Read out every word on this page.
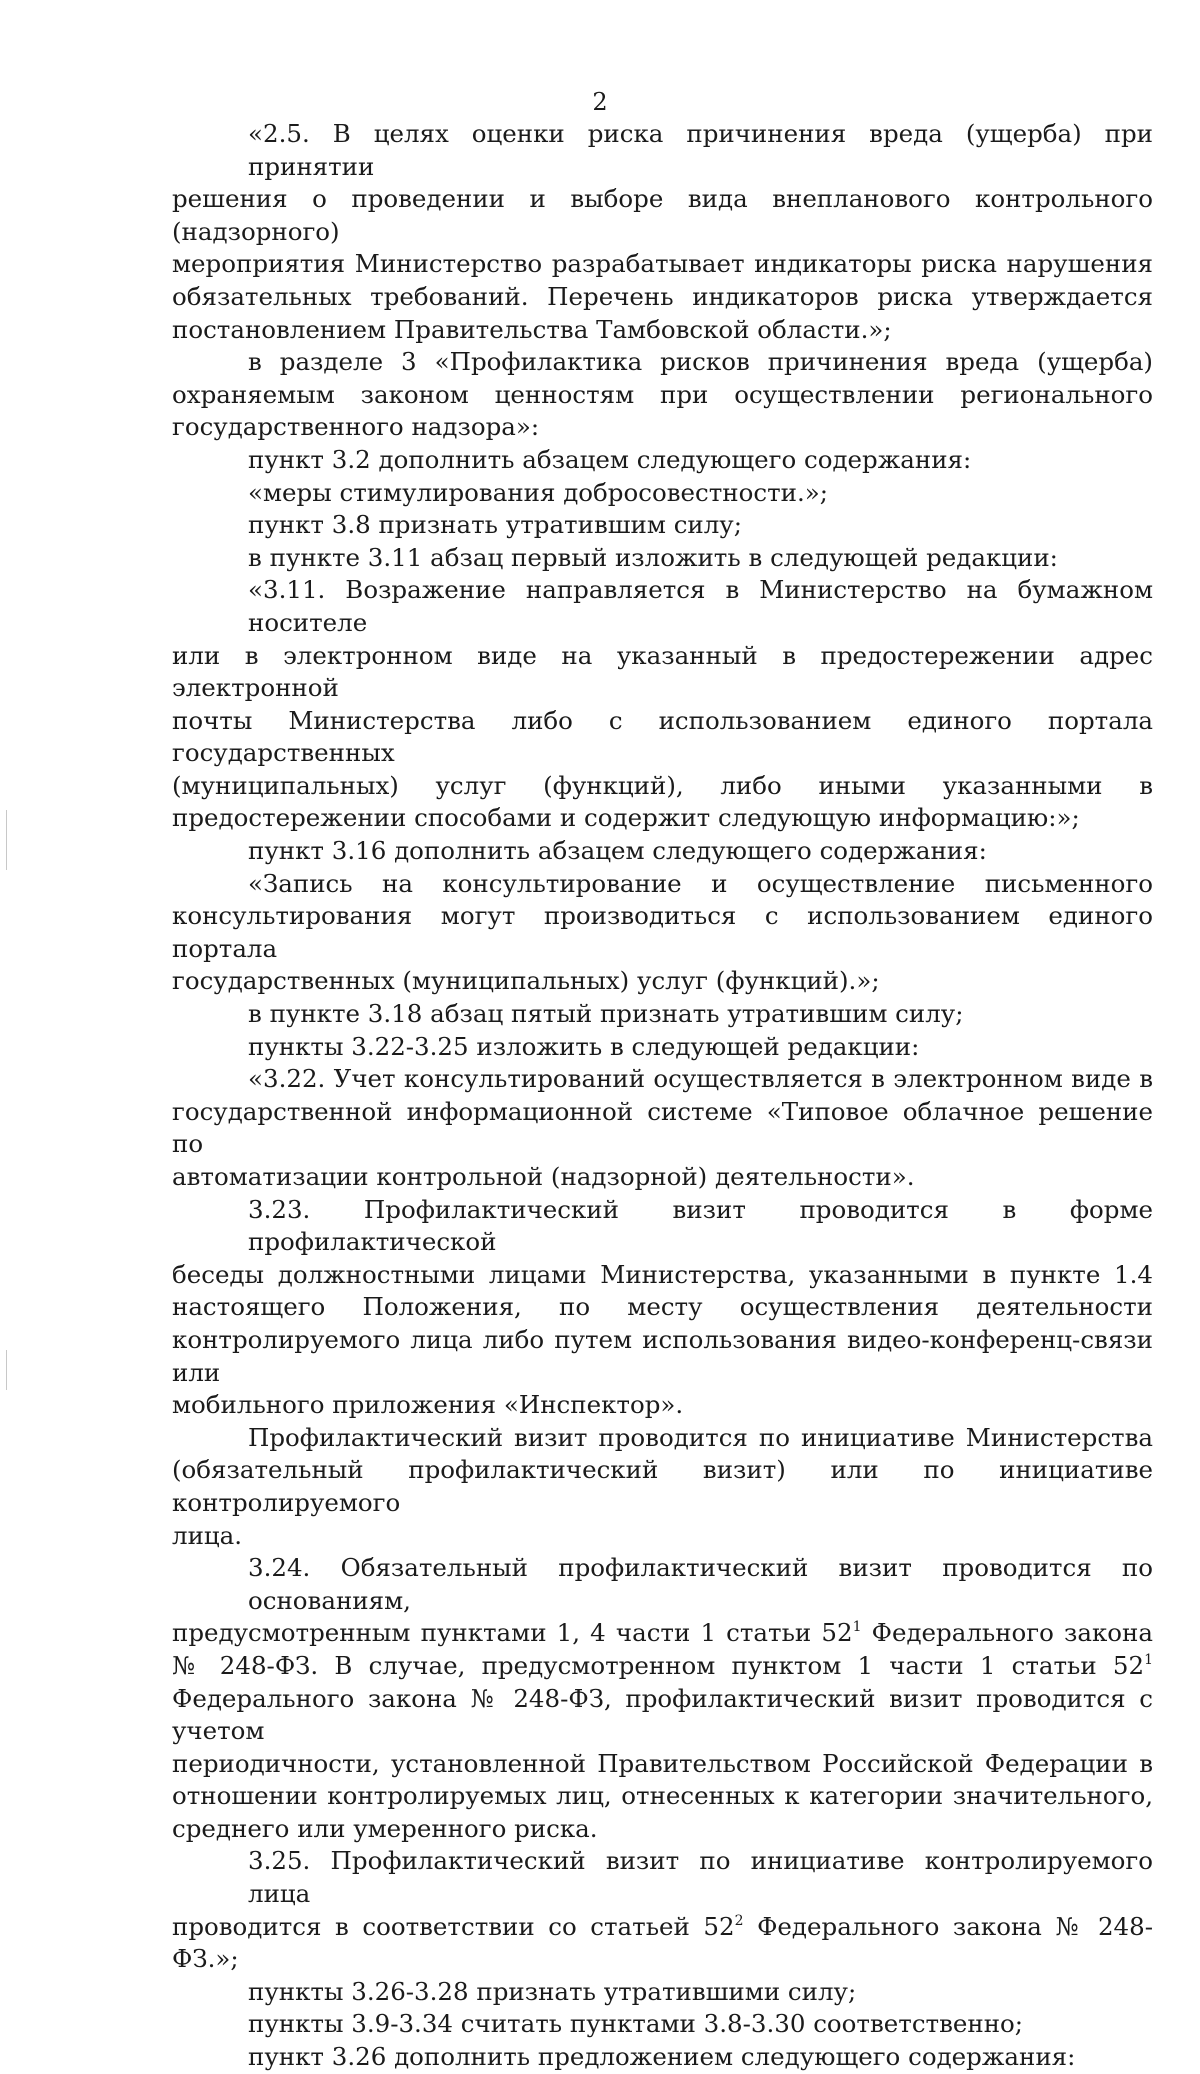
2
«2.5. В целях оценки риска причинения вреда (ущерба) при принятии
решения о проведении и выборе вида внепланового контрольного (надзорного)
мероприятия Министерство разрабатывает индикаторы риска нарушения
обязательных требований. Перечень индикаторов риска утверждается
постановлением Правительства Тамбовской области.»;
в разделе 3 «Профилактика рисков причинения вреда (ущерба)
охраняемым законом ценностям при осуществлении регионального
государственного надзора»:
пункт 3.2 дополнить абзацем следующего содержания:
«меры стимулирования добросовестности.»;
пункт 3.8 признать утратившим силу;
в пункте 3.11 абзац первый изложить в следующей редакции:
«3.11. Возражение направляется в Министерство на бумажном носителе
или в электронном виде на указанный в предостережении адрес электронной
почты Министерства либо с использованием единого портала государственных
(муниципальных) услуг (функций), либо иными указанными в
предостережении способами и содержит следующую информацию:»;
пункт 3.16 дополнить абзацем следующего содержания:
«Запись на консультирование и осуществление письменного
консультирования могут производиться с использованием единого портала
государственных (муниципальных) услуг (функций).»;
в пункте 3.18 абзац пятый признать утратившим силу;
пункты 3.22-3.25 изложить в следующей редакции:
«3.22. Учет консультирований осуществляется в электронном виде в
государственной информационной системе «Типовое облачное решение по
автоматизации контрольной (надзорной) деятельности».
3.23. Профилактический визит проводится в форме профилактической
беседы должностными лицами Министерства, указанными в пункте 1.4
настоящего Положения, по месту осуществления деятельности
контролируемого лица либо путем использования видео-конференц-связи или
мобильного приложения «Инспектор».
Профилактический визит проводится по инициативе Министерства
(обязательный профилактический визит) или по инициативе контролируемого
лица.
3.24. Обязательный профилактический визит проводится по основаниям,
предусмотренным пунктами 1, 4 части 1 статьи $52^1$ Федерального закона
№ 248-ФЗ. В случае, предусмотренном пунктом 1 части 1 статьи $52^1$
Федерального закона № 248-ФЗ, профилактический визит проводится с учетом
периодичности, установленной Правительством Российской Федерации в
отношении контролируемых лиц, отнесенных к категории значительного,
среднего или умеренного риска.
3.25. Профилактический визит по инициативе контролируемого лица
проводится в соответствии со статьей $52^2$ Федерального закона № 248-ФЗ.»;
пункты 3.26-3.28 признать утратившими силу;
пункты 3.9-3.34 считать пунктами 3.8-3.30 соответственно;
пункт 3.26 дополнить предложением следующего содержания:
